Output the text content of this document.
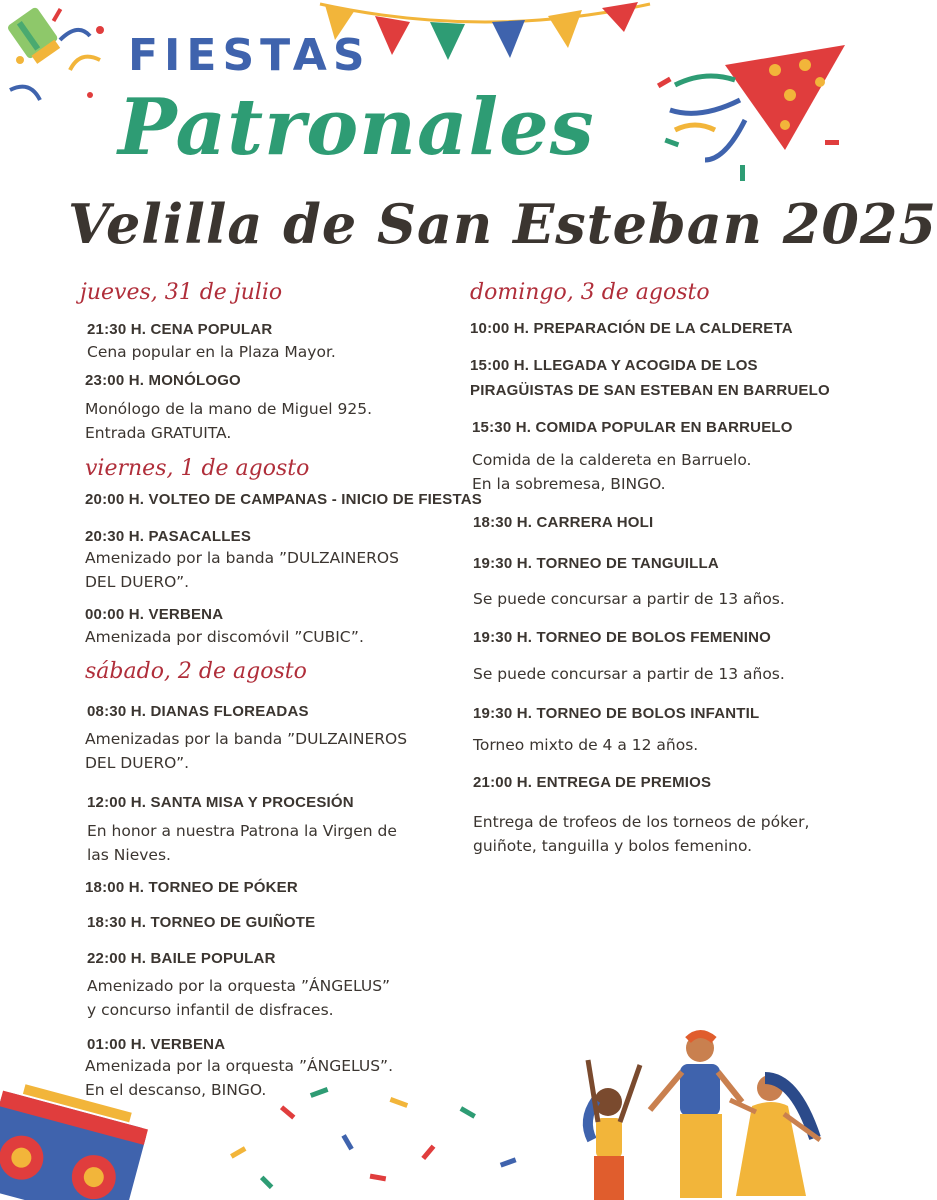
FIESTAS
Patronales
Velilla de San Esteban 2025
jueves, 31 de julio
21:30 H. CENA POPULAR
Cena popular en la Plaza Mayor.
23:00 H. MONÓLOGO
Monólogo de la mano de Miguel 925.
Entrada GRATUITA.
viernes, 1 de agosto
20:00 H. VOLTEO DE CAMPANAS - INICIO DE FIESTAS
20:30 H. PASACALLES
Amenizado por la banda ”DULZAINEROS
DEL DUERO”.
00:00 H. VERBENA
Amenizada por discomóvil ”CUBIC”.
sábado, 2 de agosto
08:30 H. DIANAS FLOREADAS
Amenizadas por la banda ”DULZAINEROS
DEL DUERO”.
12:00 H. SANTA MISA Y PROCESIÓN
En honor a nuestra Patrona la Virgen de
las Nieves.
18:00 H. TORNEO DE PÓKER
18:30 H. TORNEO DE GUIÑOTE
22:00 H. BAILE POPULAR
Amenizado por la orquesta ”ÁNGELUS”
y concurso infantil de disfraces.
01:00 H. VERBENA
Amenizada por la orquesta ”ÁNGELUS”.
En el descanso, BINGO.
domingo, 3 de agosto
10:00 H. PREPARACIÓN DE LA CALDERETA
15:00 H. LLEGADA Y ACOGIDA DE LOS
PIRAGÜISTAS DE SAN ESTEBAN EN BARRUELO
15:30 H. COMIDA POPULAR EN BARRUELO
Comida de la caldereta en Barruelo.
En la sobremesa, BINGO.
18:30 H. CARRERA HOLI
19:30 H. TORNEO DE TANGUILLA
Se puede concursar a partir de 13 años.
19:30 H. TORNEO DE BOLOS FEMENINO
Se puede concursar a partir de 13 años.
19:30 H. TORNEO DE BOLOS INFANTIL
Torneo mixto de 4 a 12 años.
21:00 H. ENTREGA DE PREMIOS
Entrega de trofeos de los torneos de póker,
guiñote, tanguilla y bolos femenino.
